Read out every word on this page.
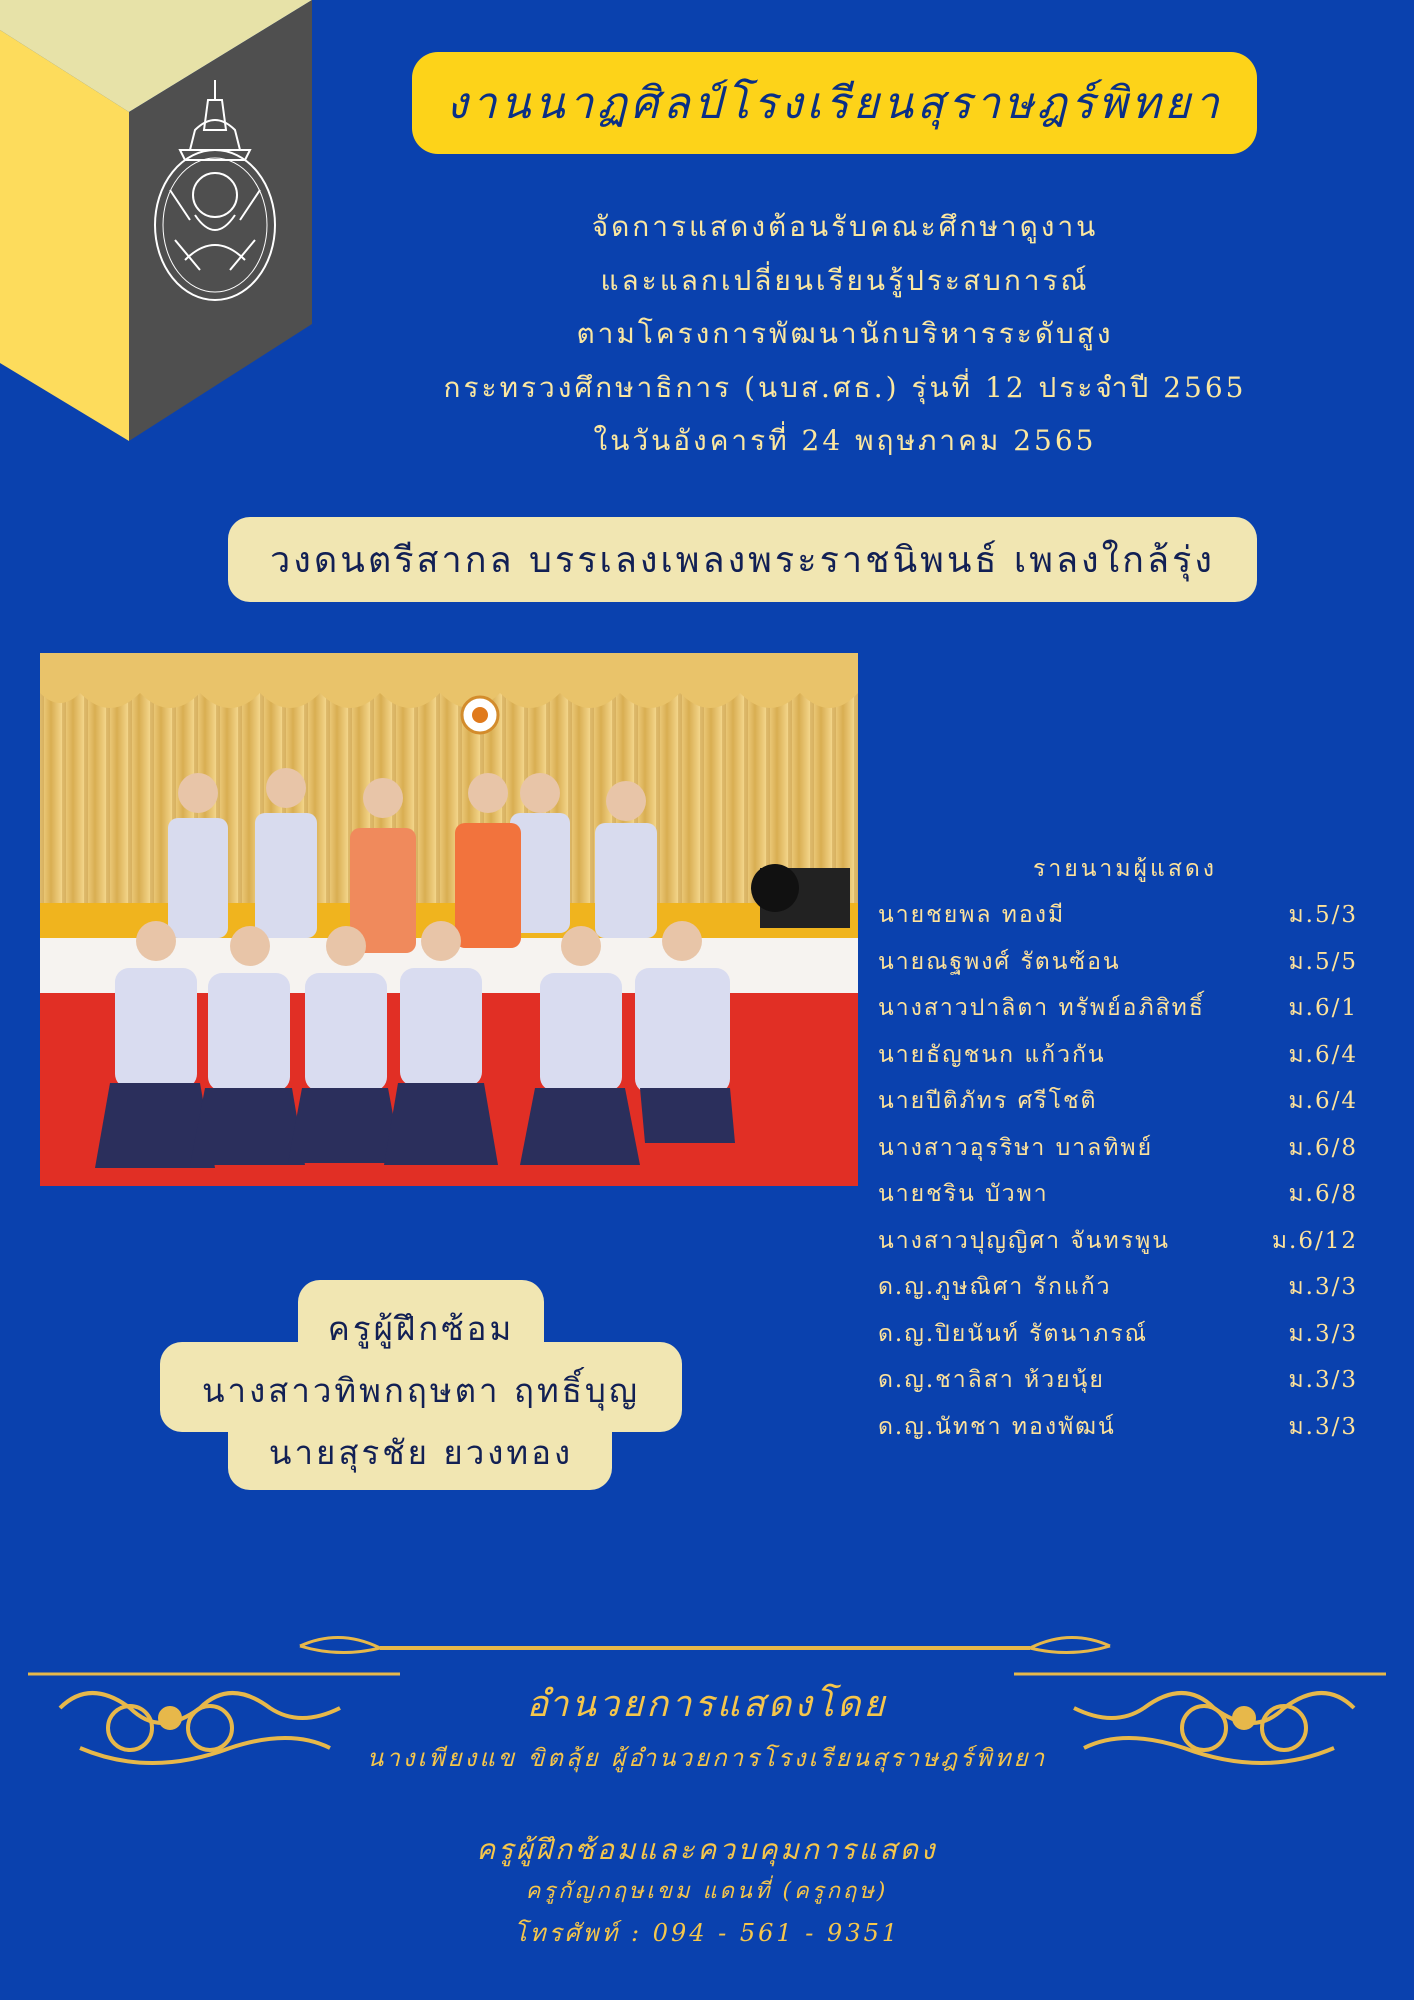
งานนาฏศิลป์โรงเรียนสุราษฎร์พิทยา
จัดการแสดงต้อนรับคณะศึกษาดูงาน
และแลกเปลี่ยนเรียนรู้ประสบการณ์
ตามโครงการพัฒนานักบริหารระดับสูง
กระทรวงศึกษาธิการ (นบส.ศธ.) รุ่นที่ 12 ประจำปี 2565
ในวันอังคารที่ 24 พฤษภาคม 2565
วงดนตรีสากล บรรเลงเพลงพระราชนิพนธ์ เพลงใกล้รุ่ง
รายนามผู้แสดง
นายชยพล ทองมี	ม.5/3
นายณฐพงศ์ รัตนซ้อน	ม.5/5
นางสาวปาลิตา ทรัพย์อภิสิทธิ์	ม.6/1
นายธัญชนก แก้วกัน	ม.6/4
นายปีติภัทร ศรีโชติ	ม.6/4
นางสาวอุรริษา บาลทิพย์	ม.6/8
นายชริน บัวพา	ม.6/8
นางสาวปุญญิศา จันทรพูน	ม.6/12
ด.ญ.ภูษณิศา รักแก้ว	ม.3/3
ด.ญ.ปิยนันท์ รัตนาภรณ์	ม.3/3
ด.ญ.ชาลิสา ห้วยนุ้ย	ม.3/3
ด.ญ.นัทชา ทองพัฒน์	ม.3/3
ครูผู้ฝึกซ้อม
นางสาวทิพกฤษตา ฤทธิ์บุญ
นายสุรชัย ยวงทอง
อำนวยการแสดงโดย
นางเพียงแข ขิตลุ้ย ผู้อำนวยการโรงเรียนสุราษฎร์พิทยา
ครูผู้ฝึกซ้อมและควบคุมการแสดง
ครูกัญกฤษเขม แดนที่ (ครูกฤษ)
โทรศัพท์ : 094 - 561 - 9351
